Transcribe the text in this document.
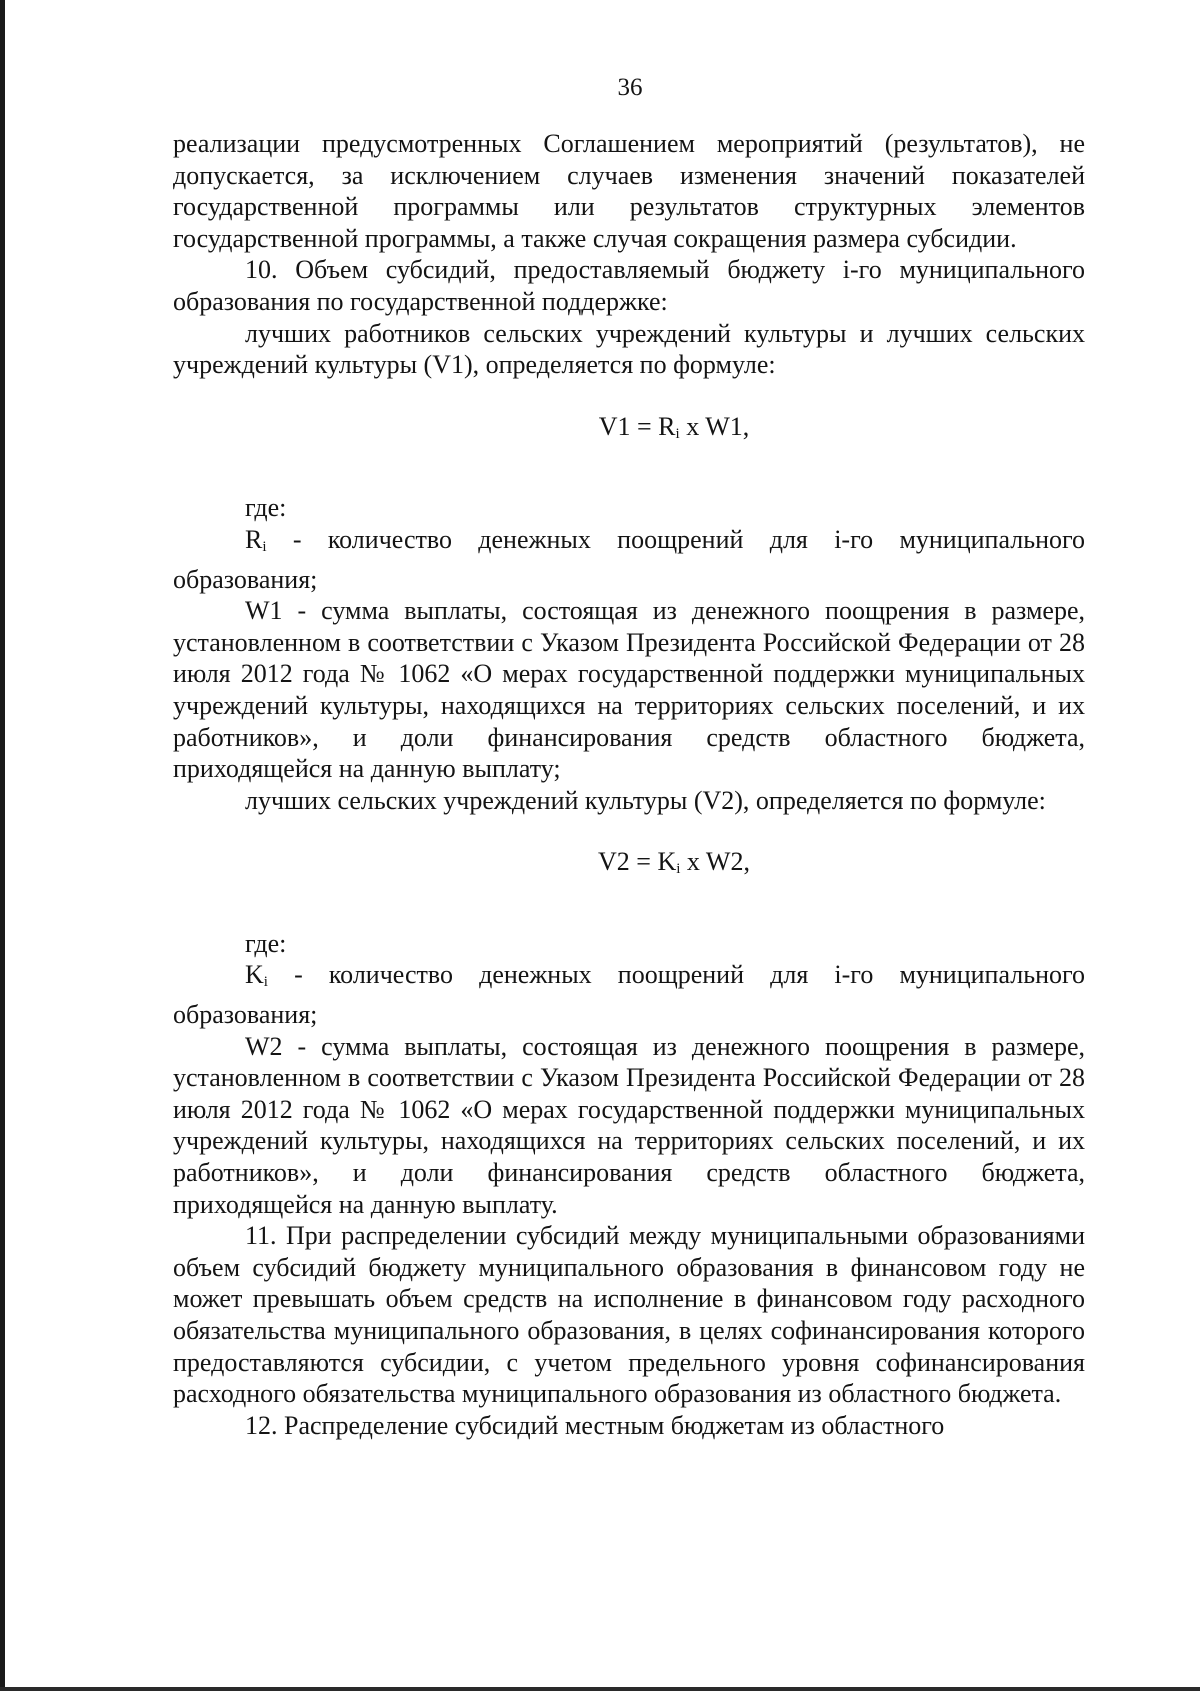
36

реализации предусмотренных Соглашением мероприятий (результатов), не допускается, за исключением случаев изменения значений показателей государственной программы или результатов структурных элементов государственной программы, а также случая сокращения размера субсидии.

10. Объем субсидий, предоставляемый бюджету i-го муниципального образования по государственной поддержке:

лучших работников сельских учреждений культуры и лучших сельских учреждений культуры (V1), определяется по формуле:

$V1 = R_i$ x W1,

где:

$R_i$ - количество денежных поощрений для i-го муниципального образования;

W1 - сумма выплаты, состоящая из денежного поощрения в размере, установленном в соответствии с Указом Президента Российской Федерации от 28 июля 2012 года № 1062 «О мерах государственной поддержки муниципальных учреждений культуры, находящихся на территориях сельских поселений, и их работников», и доли финансирования средств областного бюджета, приходящейся на данную выплату;

лучших сельских учреждений культуры (V2), определяется по формуле:

$V2 = K_i$ x W2,

где:

$K_i$ - количество денежных поощрений для i-го муниципального образования;

W2 - сумма выплаты, состоящая из денежного поощрения в размере, установленном в соответствии с Указом Президента Российской Федерации от 28 июля 2012 года № 1062 «О мерах государственной поддержки муниципальных учреждений культуры, находящихся на территориях сельских поселений, и их работников», и доли финансирования средств областного бюджета, приходящейся на данную выплату.

11. При распределении субсидий между муниципальными образованиями объем субсидий бюджету муниципального образования в финансовом году не может превышать объем средств на исполнение в финансовом году расходного обязательства муниципального образования, в целях софинансирования которого предоставляются субсидии, с учетом предельного уровня софинансирования расходного обязательства муниципального образования из областного бюджета.

12. Распределение субсидий местным бюджетам из областного
